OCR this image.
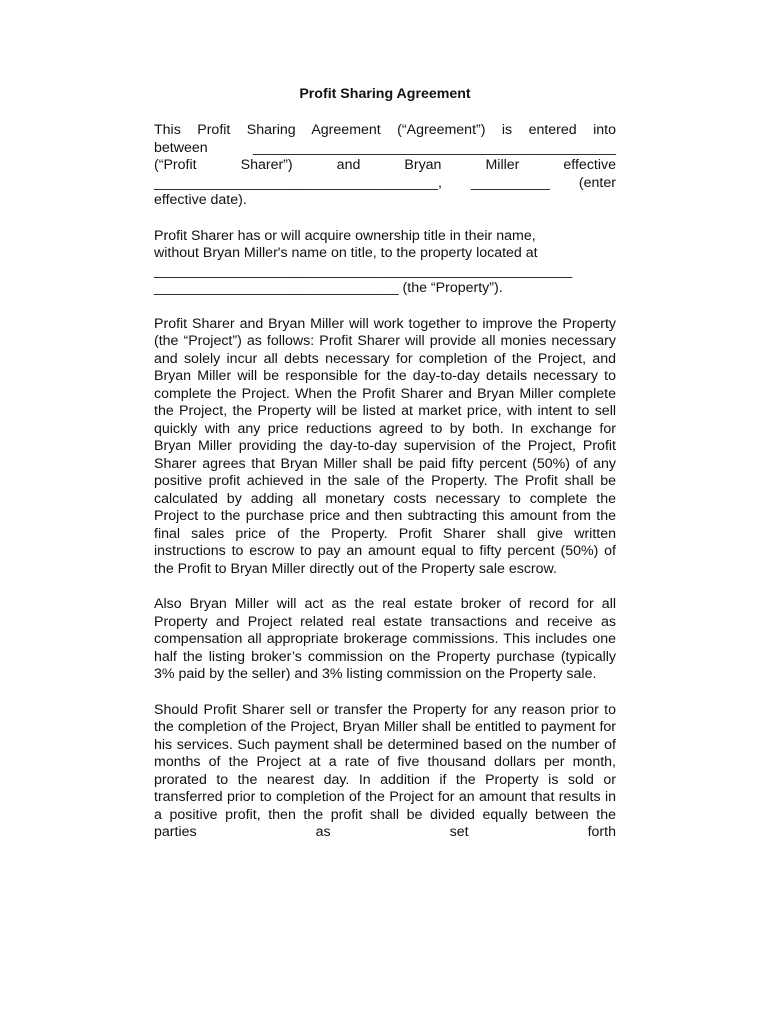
Profit Sharing Agreement
This Profit Sharing Agreement (“Agreement”) is entered into
between ______________________________________________
(“Profit Sharer”) and Bryan Miller effective
____________________________________, __________ (enter
effective date).
Profit Sharer has or will acquire ownership title in their name,
without Bryan Miller's name on title, to the property located at
_____________________________________________________
_______________________________ (the “Property”).

Profit Sharer and Bryan Miller will work together to improve the Property (the “Project”) as follows: Profit Sharer will provide all monies necessary and solely incur all debts necessary for completion of the Project, and Bryan Miller will be responsible for the day-to-day details necessary to complete the Project. When the Profit Sharer and Bryan Miller complete the Project, the Property will be listed at market price, with intent to sell quickly with any price reductions agreed to by both. In exchange for Bryan Miller providing the day-to-day supervision of the Project, Profit Sharer agrees that Bryan Miller shall be paid fifty percent (50%) of any positive profit achieved in the sale of the Property. The Profit shall be calculated by adding all monetary costs necessary to complete the Project to the purchase price and then subtracting this amount from the final sales price of the Property. Profit Sharer shall give written instructions to escrow to pay an amount equal to fifty percent (50%) of the Profit to Bryan Miller directly out of the Property sale escrow.

Also Bryan Miller will act as the real estate broker of record for all Property and Project related real estate transactions and receive as compensation all appropriate brokerage commissions. This includes one half the listing broker’s commission on the Property purchase (typically 3% paid by the seller) and 3% listing commission on the Property sale.

Should Profit Sharer sell or transfer the Property for any reason prior to the completion of the Project, Bryan Miller shall be entitled to payment for his services. Such payment shall be determined based on the number of months of the Project at a rate of five thousand dollars per month, prorated to the nearest day. In addition if the Property is sold or transferred prior to completion of the Project for an amount that results in a positive profit, then the profit shall be divided equally between the parties as set forth
